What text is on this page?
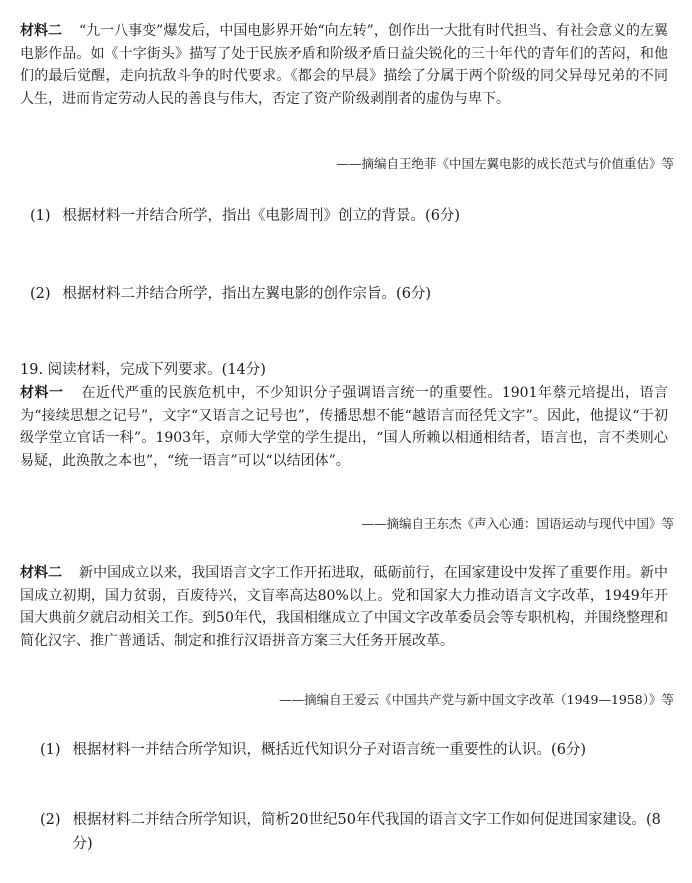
材料二 “九一八事变”爆发后，中国电影界开始“向左转”，创作出一大批有时代担当、有社会意义的左翼电影作品。如《十字街头》描写了处于民族矛盾和阶级矛盾日益尖锐化的三十年代的青年们的苦闷，和他们的最后觉醒，走向抗敌斗争的时代要求。《都会的早晨》描绘了分属于两个阶级的同父异母兄弟的不同人生，进而肯定劳动人民的善良与伟大，否定了资产阶级剥削者的虚伪与卑下。
——摘编自王绝菲《中国左翼电影的成长范式与价值重估》等
(1) 根据材料一并结合所学，指出《电影周刊》创立的背景。(6分)
(2) 根据材料二并结合所学，指出左翼电影的创作宗旨。(6分)
19. 阅读材料，完成下列要求。(14分)
材料一 在近代严重的民族危机中，不少知识分子强调语言统一的重要性。1901年蔡元培提出，语言为“接续思想之记号”，文字“又语言之记号也”，传播思想不能“越语言而径凭文字”。因此，他提议“于初级学堂立官话一科”。1903年，京师大学堂的学生提出，“国人所赖以相通相结者，语言也，言不类则心易疑，此涣散之本也”，“统一语言”可以“以结团体”。
——摘编自王东杰《声入心通：国语运动与现代中国》等
材料二 新中国成立以来，我国语言文字工作开拓进取，砥砺前行，在国家建设中发挥了重要作用。新中国成立初期，国力贫弱，百废待兴，文盲率高达80%以上。党和国家大力推动语言文字改革，1949年开国大典前夕就启动相关工作。到50年代，我国相继成立了中国文字改革委员会等专职机构，并围绕整理和简化汉字、推广普通话、制定和推行汉语拼音方案三大任务开展改革。
——摘编自王爱云《中国共产党与新中国文字改革（1949—1958）》等
(1) 根据材料一并结合所学知识，概括近代知识分子对语言统一重要性的认识。(6分)
(2) 根据材料二并结合所学知识，简析20世纪50年代我国的语言文字工作如何促进国家建设。(8分)
